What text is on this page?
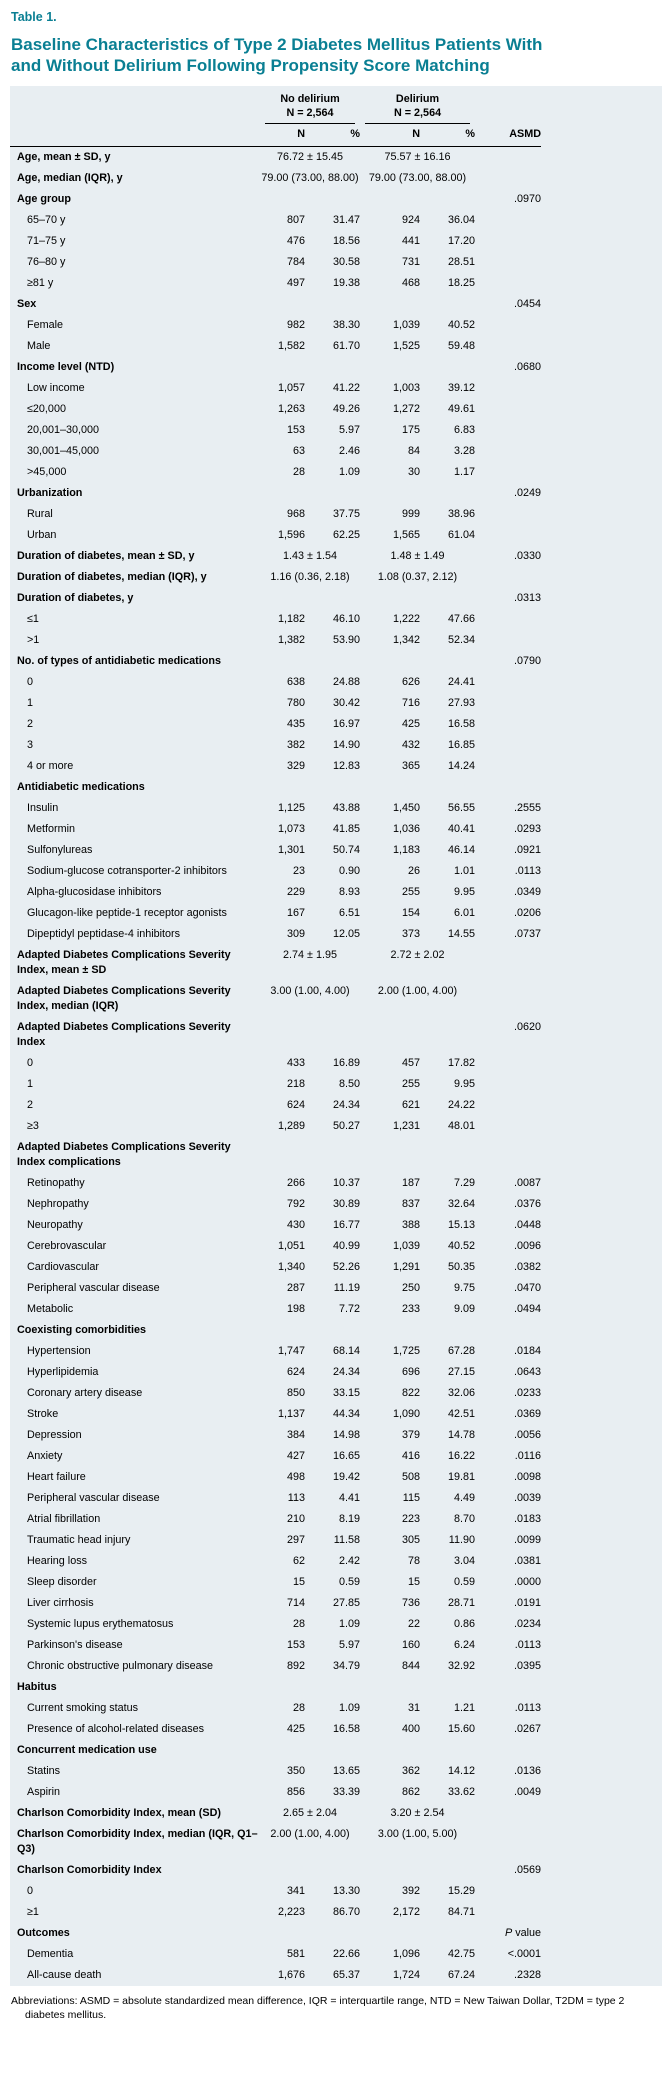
Table 1.
Baseline Characteristics of Type 2 Diabetes Mellitus Patients With and Without Delirium Following Propensity Score Matching

	No delirium
N = 2,564		Delirium
N = 2,564			

	N	%	N	%	ASMD	
Age, mean ± SD, y	76.72 ± 15.45		75.57 ± 16.16			
Age, median (IQR), y	79.00 (73.00, 88.00)		79.00 (73.00, 88.00)			
Age group					.0970	
65–70 y	807	31.47	924	36.04		
71–75 y	476	18.56	441	17.20		
76–80 y	784	30.58	731	28.51		
≥81 y	497	19.38	468	18.25		
Sex					.0454	
Female	982	38.30	1,039	40.52		
Male	1,582	61.70	1,525	59.48		
Income level (NTD)					.0680	
Low income	1,057	41.22	1,003	39.12		
≤20,000	1,263	49.26	1,272	49.61		
20,001–30,000	153	5.97	175	6.83		
30,001–45,000	63	2.46	84	3.28		
>45,000	28	1.09	30	1.17		
Urbanization					.0249	
Rural	968	37.75	999	38.96		
Urban	1,596	62.25	1,565	61.04		
Duration of diabetes, mean ± SD, y	1.43 ± 1.54		1.48 ± 1.49		.0330	
Duration of diabetes, median (IQR), y	1.16 (0.36, 2.18)		1.08 (0.37, 2.12)			
Duration of diabetes, y					.0313	
≤1	1,182	46.10	1,222	47.66		
>1	1,382	53.90	1,342	52.34		
No. of types of antidiabetic medications					.0790	
0	638	24.88	626	24.41		
1	780	30.42	716	27.93		
2	435	16.97	425	16.58		
3	382	14.90	432	16.85		
4 or more	329	12.83	365	14.24		
Antidiabetic medications						
Insulin	1,125	43.88	1,450	56.55	.2555	
Metformin	1,073	41.85	1,036	40.41	.0293	
Sulfonylureas	1,301	50.74	1,183	46.14	.0921	
Sodium-glucose cotransporter-2 inhibitors	23	0.90	26	1.01	.0113	
Alpha-glucosidase inhibitors	229	8.93	255	9.95	.0349	
Glucagon-like peptide-1 receptor agonists	167	6.51	154	6.01	.0206	
Dipeptidyl peptidase-4 inhibitors	309	12.05	373	14.55	.0737	
Adapted Diabetes Complications Severity Index, mean ± SD	2.74 ± 1.95		2.72 ± 2.02			
Adapted Diabetes Complications Severity Index, median (IQR)	3.00 (1.00, 4.00)		2.00 (1.00, 4.00)			
Adapted Diabetes Complications Severity Index					.0620	
0	433	16.89	457	17.82		
1	218	8.50	255	9.95		
2	624	24.34	621	24.22		
≥3	1,289	50.27	1,231	48.01		
Adapted Diabetes Complications Severity Index complications						
Retinopathy	266	10.37	187	7.29	.0087	
Nephropathy	792	30.89	837	32.64	.0376	
Neuropathy	430	16.77	388	15.13	.0448	
Cerebrovascular	1,051	40.99	1,039	40.52	.0096	
Cardiovascular	1,340	52.26	1,291	50.35	.0382	
Peripheral vascular disease	287	11.19	250	9.75	.0470	
Metabolic	198	7.72	233	9.09	.0494	
Coexisting comorbidities						
Hypertension	1,747	68.14	1,725	67.28	.0184	
Hyperlipidemia	624	24.34	696	27.15	.0643	
Coronary artery disease	850	33.15	822	32.06	.0233	
Stroke	1,137	44.34	1,090	42.51	.0369	
Depression	384	14.98	379	14.78	.0056	
Anxiety	427	16.65	416	16.22	.0116	
Heart failure	498	19.42	508	19.81	.0098	
Peripheral vascular disease	113	4.41	115	4.49	.0039	
Atrial fibrillation	210	8.19	223	8.70	.0183	
Traumatic head injury	297	11.58	305	11.90	.0099	
Hearing loss	62	2.42	78	3.04	.0381	
Sleep disorder	15	0.59	15	0.59	.0000	
Liver cirrhosis	714	27.85	736	28.71	.0191	
Systemic lupus erythematosus	28	1.09	22	0.86	.0234	
Parkinson's disease	153	5.97	160	6.24	.0113	
Chronic obstructive pulmonary disease	892	34.79	844	32.92	.0395	
Habitus						
Current smoking status	28	1.09	31	1.21	.0113	
Presence of alcohol-related diseases	425	16.58	400	15.60	.0267	
Concurrent medication use						
Statins	350	13.65	362	14.12	.0136	
Aspirin	856	33.39	862	33.62	.0049	
Charlson Comorbidity Index, mean (SD)	2.65 ± 2.04		3.20 ± 2.54			
Charlson Comorbidity Index, median (IQR, Q1–Q3)	2.00 (1.00, 4.00)		3.00 (1.00, 5.00)			
Charlson Comorbidity Index					.0569	
0	341	13.30	392	15.29		
≥1	2,223	86.70	2,172	84.71		
Outcomes					P value	
Dementia	581	22.66	1,096	42.75	<.0001	
All-cause death	1,676	65.37	1,724	67.24	.2328	

Abbreviations: ASMD = absolute standardized mean difference, IQR = interquartile range, NTD = New Taiwan Dollar, T2DM = type 2 diabetes mellitus.
